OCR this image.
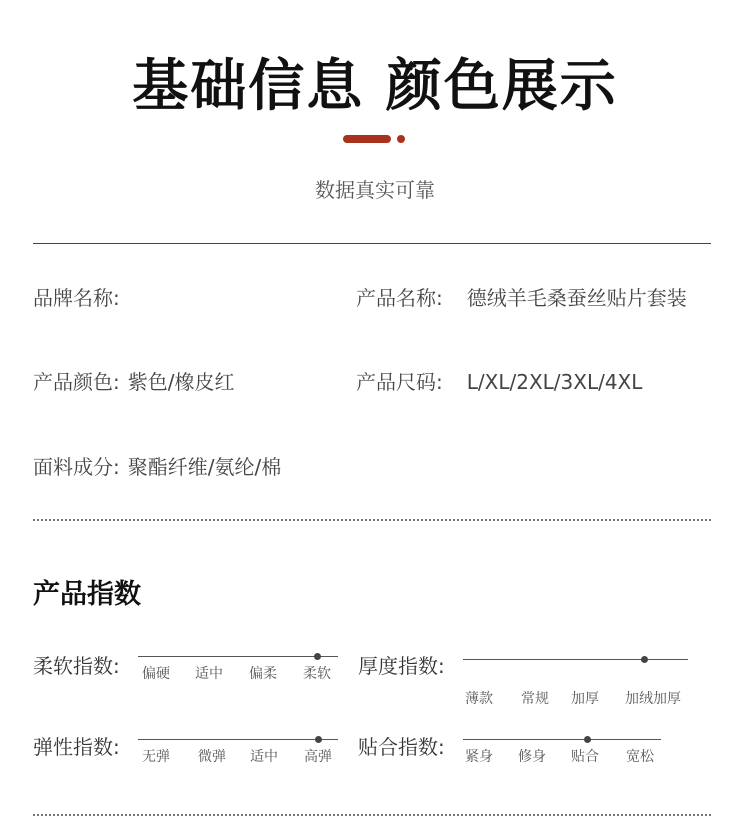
基础信息 颜色展示
数据真实可靠
品牌名称:	产品名称: 德绒羊毛桑蚕丝贴片套装
产品颜色: 紫色/橡皮红	产品尺码: L/XL/2XL/3XL/4XL
面料成分: 聚酯纤维/氨纶/棉
产品指数
柔软指数: 偏硬 适中 偏柔 柔软 厚度指数:
薄款 常规 加厚 加绒加厚
弹性指数: 无弹 微弹 适中 高弹 贴合指数: 紧身 修身 贴合 宽松
